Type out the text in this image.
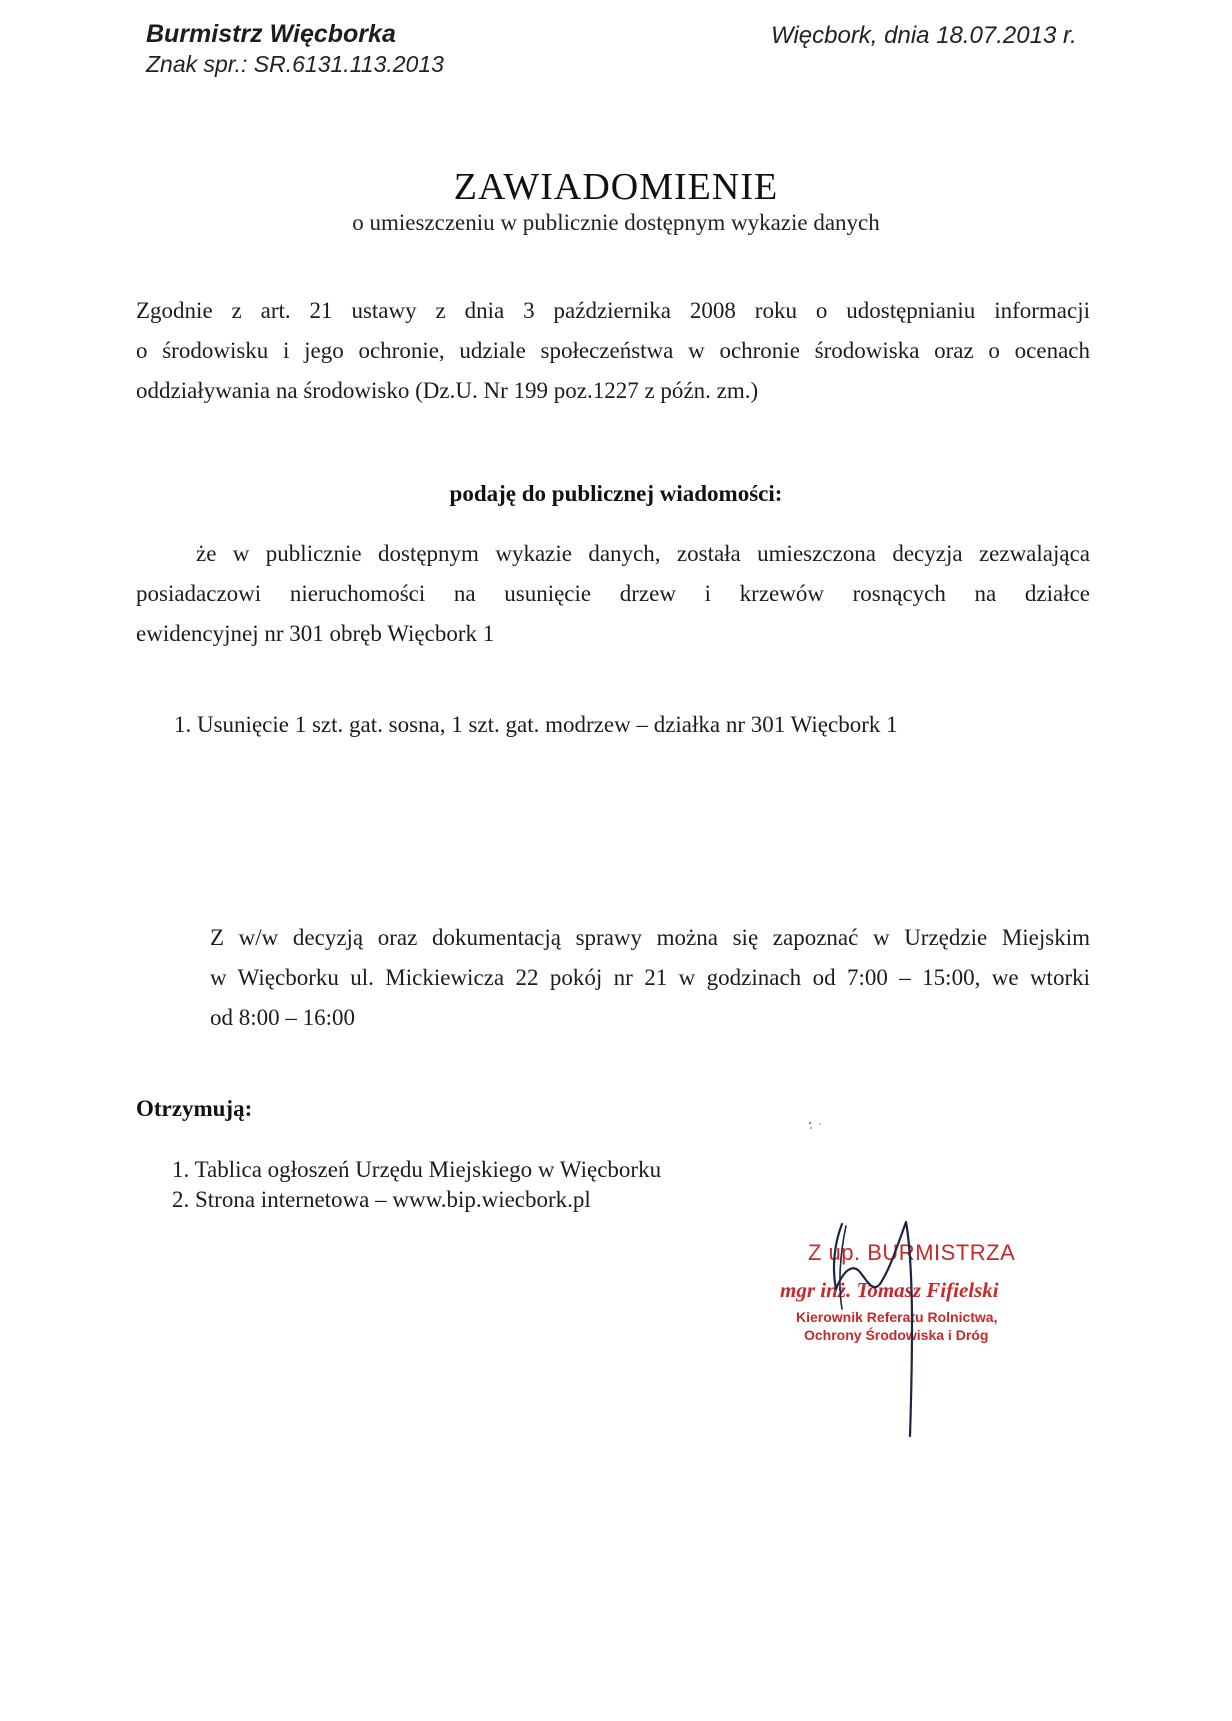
Burmistrz Więcborka
Znak spr.: SR.6131.113.2013
Więcbork, dnia 18.07.2013 r.
ZAWIADOMIENIE
o umieszczeniu w publicznie dostępnym wykazie danych
Zgodnie z art. 21 ustawy z dnia 3 października 2008 roku o udostępnianiu informacji
o środowisku i jego ochronie, udziale społeczeństwa w ochronie środowiska oraz o ocenach
oddziaływania na środowisko (Dz.U. Nr 199 poz.1227 z późn. zm.)
podaję do publicznej wiadomości:
że w publicznie dostępnym wykazie danych, została umieszczona decyzja zezwalająca
posiadaczowi nieruchomości na usunięcie drzew i krzewów rosnących na działce
ewidencyjnej nr 301 obręb Więcbork 1
1. Usunięcie 1 szt. gat. sosna, 1 szt. gat. modrzew – działka nr 301 Więcbork 1
Z w/w decyzją oraz dokumentacją sprawy można się zapoznać w Urzędzie Miejskim
w Więcborku ul. Mickiewicza 22 pokój nr 21 w godzinach od 7:00 – 15:00, we wtorki
od 8:00 – 16:00
Otrzymują:
1. Tablica ogłoszeń Urzędu Miejskiego w Więcborku
2. Strona internetowa – www.bip.wiecbork.pl
Z up. BURMISTRZA
mgr inż. Tomasz Fifielski
Kierownik Referatu Rolnictwa,
Ochrony Środowiska i Dróg
